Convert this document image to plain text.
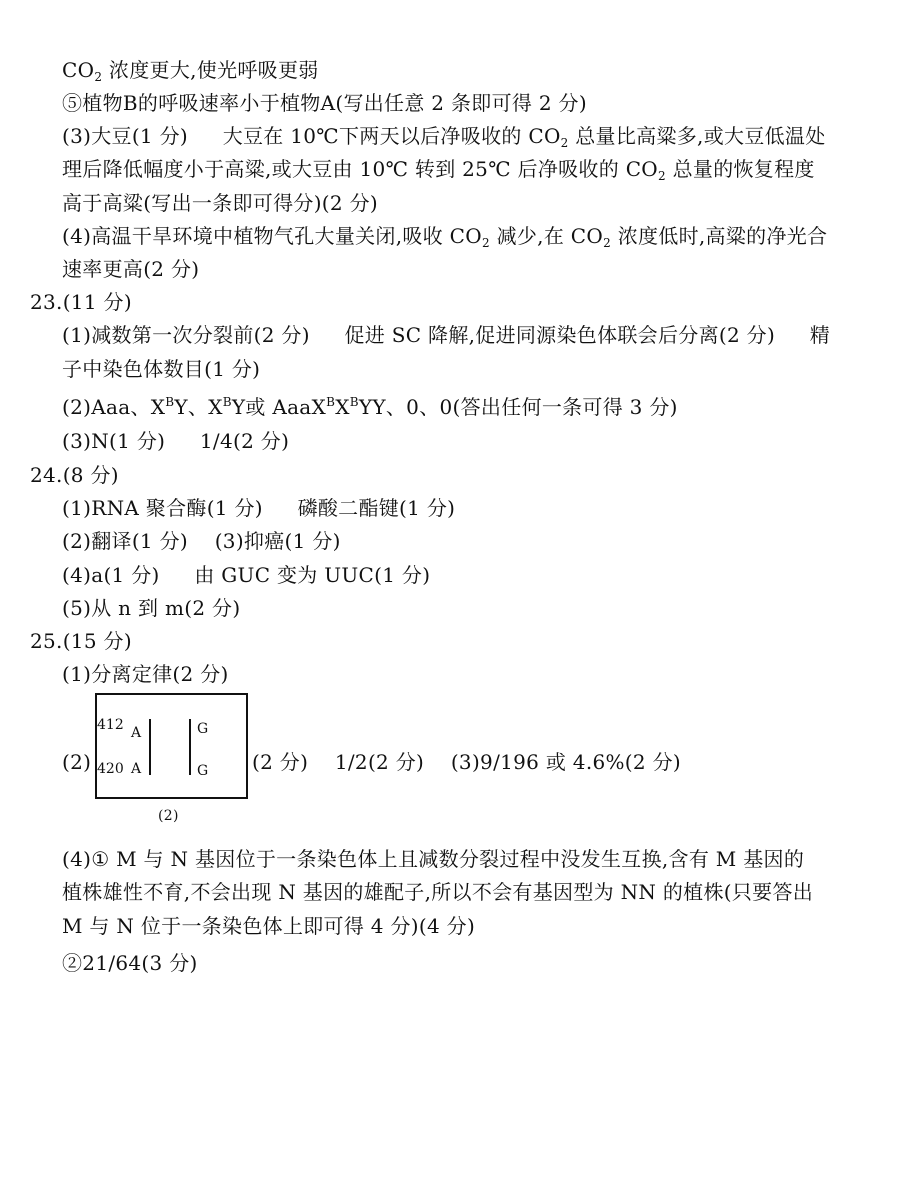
$CO_2$ 浓度更大,使光呼吸更弱
⑤植物B的呼吸速率小于植物A(写出任意 2 条即可得 2 分)
(3)大豆(1 分) 大豆在 10℃下两天以后净吸收的 $CO_2$ 总量比高粱多,或大豆低温处
理后降低幅度小于高粱,或大豆由 10℃ 转到 25℃ 后净吸收的 $CO_2$ 总量的恢复程度
高于高粱(写出一条即可得分)(2 分)
(4)高温干旱环境中植物气孔大量关闭,吸收 $CO_2$ 减少,在 $CO_2$ 浓度低时,高粱的净光合
速率更高(2 分)
23.(11 分)
(1)减数第一次分裂前(2 分) 促进 SC 降解,促进同源染色体联会后分离(2 分) 精
子中染色体数目(1 分)
(2)Aaa、$X^BY$、$X^BY$或 $AaaX^BX^BYY$、0、0(答出任何一条可得 3 分)
(3)N(1 分) 1/4(2 分)
24.(8 分)
(1)RNA 聚合酶(1 分) 磷酸二酯键(1 分)
(2)翻译(1 分) (3)抑癌(1 分)
(4)a(1 分) 由 GUC 变为 UUC(1 分)
(5)从 n 到 m(2 分)
25.(15 分)
(1)分离定律(2 分)
412 A	G
420 A	G
(2)	(2 分) 1/2(2 分) (3)9/196 或 4.6%(2 分)
(2)
(4)① M 与 N 基因位于一条染色体上且减数分裂过程中没发生互换,含有 M 基因的
植株雄性不育,不会出现 N 基因的雄配子,所以不会有基因型为 NN 的植株(只要答出
M 与 N 位于一条染色体上即可得 4 分)(4 分)
②21/64(3 分)
